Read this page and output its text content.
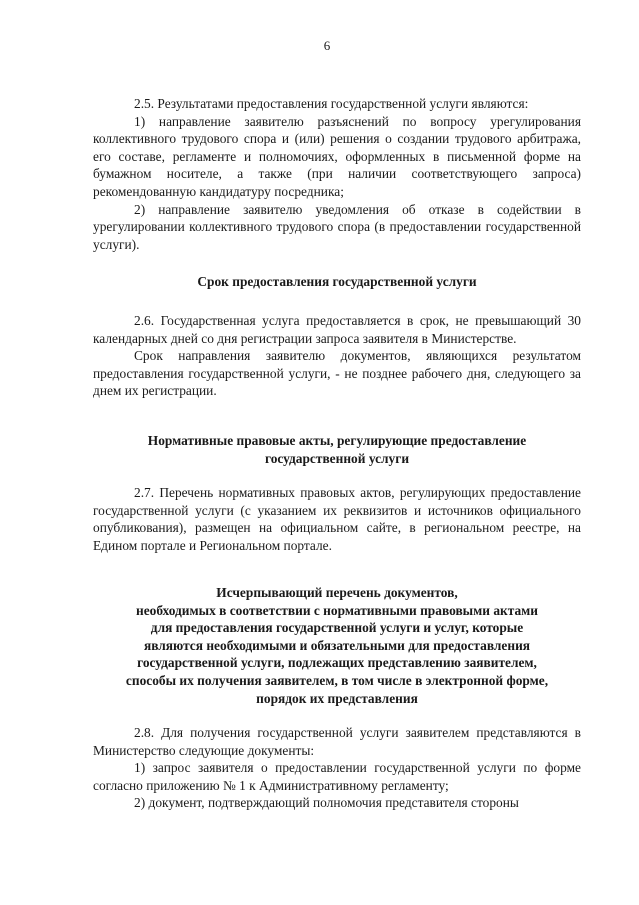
6

2.5. Результатами предоставления государственной услуги являются:

1) направление заявителю разъяснений по вопросу урегулирования коллективного трудового спора и (или) решения о создании трудового арбитража, его составе, регламенте и полномочиях, оформленных в письменной форме на бумажном носителе, а также (при наличии соответствующего запроса) рекомендованную кандидатуру посредника;

2) направление заявителю уведомления об отказе в содействии в урегулировании коллективного трудового спора (в предоставлении государственной услуги).

Срок предоставления государственной услуги

2.6. Государственная услуга предоставляется в срок, не превышающий 30 календарных дней со дня регистрации запроса заявителя в Министерстве.

Срок направления заявителю документов, являющихся результатом предоставления государственной услуги, - не позднее рабочего дня, следующего за днем их регистрации.

Нормативные правовые акты, регулирующие предоставление
государственной услуги

2.7. Перечень нормативных правовых актов, регулирующих предоставление государственной услуги (с указанием их реквизитов и источников официального опубликования), размещен на официальном сайте, в региональном реестре, на Едином портале и Региональном портале.

Исчерпывающий перечень документов,
необходимых в соответствии с нормативными правовыми актами
для предоставления государственной услуги и услуг, которые
являются необходимыми и обязательными для предоставления
государственной услуги, подлежащих представлению заявителем,
способы их получения заявителем, в том числе в электронной форме,
порядок их представления

2.8. Для получения государственной услуги заявителем представляются в Министерство следующие документы:

1) запрос заявителя о предоставлении государственной услуги по форме согласно приложению № 1 к Административному регламенту;

2) документ, подтверждающий полномочия представителя стороны
